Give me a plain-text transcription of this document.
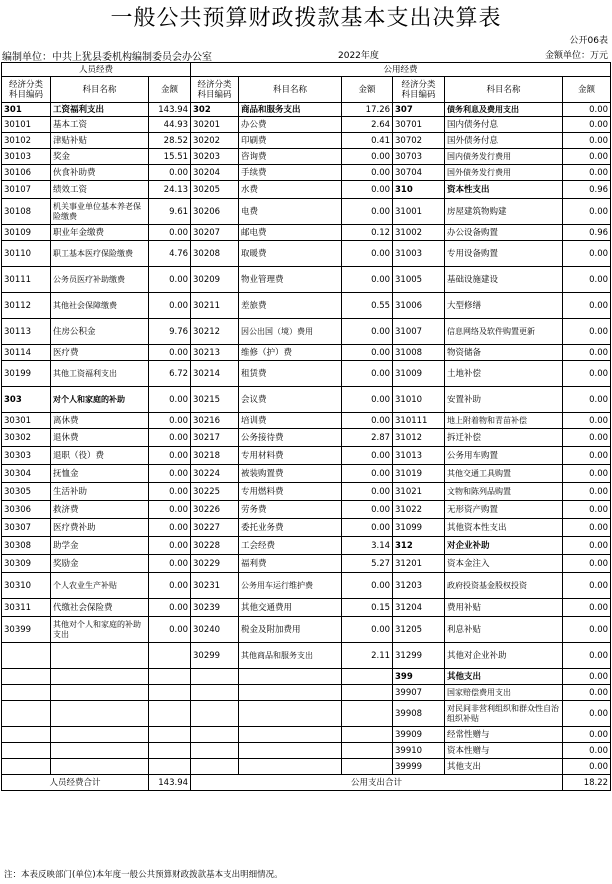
一般公共预算财政拨款基本支出决算表
公开06表
编制单位：中共上犹县委机构编制委员会办公室	2022年度	金额单位：万元
人员经费			公用经费					
经济分类
科目编码	科目名称	金额	经济分类
科目编码	科目名称	金额	经济分类
科目编码	科目名称	金额
301	工资福利支出	143.94	302	商品和服务支出	17.26	307	债务利息及费用支出	0.00
30101	基本工资	44.93	30201	办公费	2.64	30701	国内债务付息	0.00
30102	津贴补贴	28.52	30202	印刷费	0.41	30702	国外债务付息	0.00
30103	奖金	15.51	30203	咨询费	0.00	30703	国内债务发行费用	0.00
30106	伙食补助费	0.00	30204	手续费	0.00	30704	国外债务发行费用	0.00
30107	绩效工资	24.13	30205	水费	0.00	310	资本性支出	0.96
30108	机关事业单位基本养老保险缴费	9.61	30206	电费	0.00	31001	房屋建筑物购建	0.00
30109	职业年金缴费	0.00	30207	邮电费	0.12	31002	办公设备购置	0.96
30110	职工基本医疗保险缴费	4.76	30208	取暖费	0.00	31003	专用设备购置	0.00
30111	公务员医疗补助缴费	0.00	30209	物业管理费	0.00	31005	基础设施建设	0.00
30112	其他社会保障缴费	0.00	30211	差旅费	0.55	31006	大型修缮	0.00
30113	住房公积金	9.76	30212	因公出国（境）费用	0.00	31007	信息网络及软件购置更新	0.00
30114	医疗费	0.00	30213	维修（护）费	0.00	31008	物资储备	0.00
30199	其他工资福利支出	6.72	30214	租赁费	0.00	31009	土地补偿	0.00
303	对个人和家庭的补助	0.00	30215	会议费	0.00	31010	安置补助	0.00
30301	离休费	0.00	30216	培训费	0.00	310111	地上附着物和青苗补偿	0.00
30302	退休费	0.00	30217	公务接待费	2.87	31012	拆迁补偿	0.00
30303	退职（役）费	0.00	30218	专用材料费	0.00	31013	公务用车购置	0.00
30304	抚恤金	0.00	30224	被装购置费	0.00	31019	其他交通工具购置	0.00
30305	生活补助	0.00	30225	专用燃料费	0.00	31021	文物和陈列品购置	0.00
30306	救济费	0.00	30226	劳务费	0.00	31022	无形资产购置	0.00
30307	医疗费补助	0.00	30227	委托业务费	0.00	31099	其他资本性支出	0.00
30308	助学金	0.00	30228	工会经费	3.14	312	对企业补助	0.00
30309	奖励金	0.00	30229	福利费	5.27	31201	资本金注入	0.00
30310	个人农业生产补贴	0.00	30231	公务用车运行维护费	0.00	31203	政府投资基金股权投资	0.00
30311	代缴社会保险费	0.00	30239	其他交通费用	0.15	31204	费用补贴	0.00
30399	其他对个人和家庭的补助支出	0.00	30240	税金及附加费用	0.00	31205	利息补贴	0.00
			30299	其他商品和服务支出	2.11	31299	其他对企业补助	0.00
						399	其他支出	0.00
						39907	国家赔偿费用支出	0.00
						39908	对民间非营利组织和群众性自治组织补贴	0.00
						39909	经常性赠与	0.00
						39910	资本性赠与	0.00
						39999	其他支出	0.00
人员经费合计		143.94	公用支出合计					18.22
注：本表反映部门(单位)本年度一般公共预算财政拨款基本支出明细情况。
